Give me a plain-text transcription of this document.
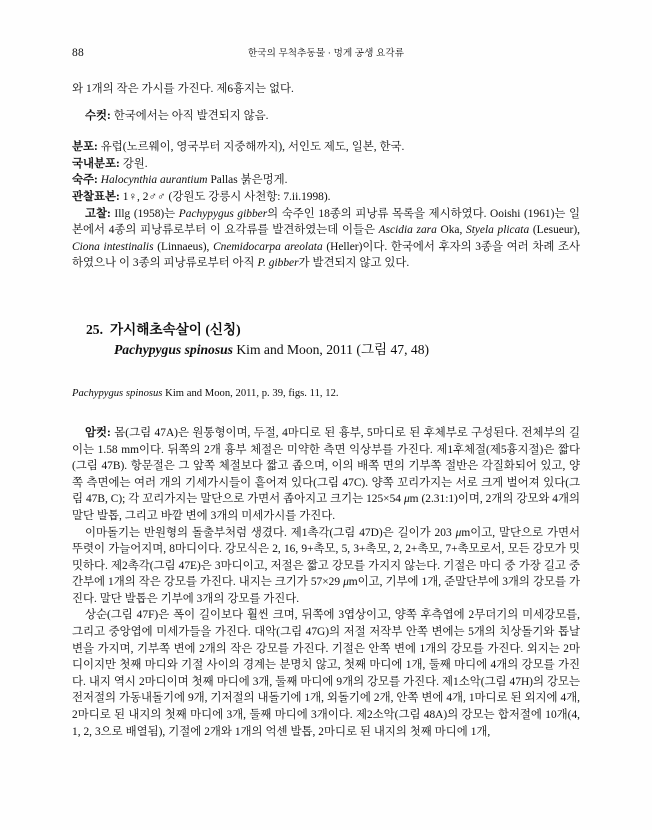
88	한국의 무척추동물 · 멍게 공생 요각류

와 1개의 작은 가시를 가진다. 제6흉지는 없다.

수컷: 한국에서는 아직 발견되지 않음.

분포: 유럽(노르웨이, 영국부터 지중해까지), 서인도 제도, 일본, 한국.

국내분포: 강원.

숙주: Halocynthia aurantium Pallas 붉은멍게.

관찰표본: 1♀, 2♂♂ (강원도 강릉시 사천항: 7.ii.1998).

고찰: Illg (1958)는 Pachypygus gibber의 숙주인 18종의 피낭류 목록을 제시하였다. Ooishi (1961)는 일본에서 4종의 피낭류로부터 이 요각류를 발견하였는데 이들은 Ascidia zara Oka, Styela plicata (Lesueur), Ciona intestinalis (Linnaeus), Cnemidocarpa areolata (Heller)이다. 한국에서 후자의 3종을 여러 차례 조사하였으나 이 3종의 피낭류로부터 아직 P. gibber가 발견되지 않고 있다.

25. 가시해초속살이 (신칭)
Pachypygus spinosus Kim and Moon, 2011 (그림 47, 48)

Pachypygus spinosus Kim and Moon, 2011, p. 39, figs. 11, 12.

암컷: 몸(그림 47A)은 원통형이며, 두절, 4마디로 된 흉부, 5마디로 된 후체부로 구성된다. 전체부의 길이는 1.58 mm이다. 뒤쪽의 2개 흉부 체절은 미약한 측면 익상부를 가진다. 제1후체절(제5흉지절)은 짧다(그림 47B). 항문절은 그 앞쪽 체절보다 짧고 좁으며, 이의 배쪽 면의 기부쪽 절반은 각질화되어 있고, 양쪽 측면에는 여러 개의 기세가시들이 흩어져 있다(그림 47C). 양쪽 꼬리가지는 서로 크게 벌어져 있다(그림 47B, C); 각 꼬리가지는 말단으로 가면서 좁아지고 크기는 125×54 μm (2.31:1)이며, 2개의 강모와 4개의 말단 발톱, 그리고 바깥 변에 3개의 미세가시를 가진다.

이마돌기는 반원형의 돌출부처럼 생겼다. 제1촉각(그림 47D)은 길이가 203 μm이고, 말단으로 가면서 뚜렷이 가늘어지며, 8마디이다. 강모식은 2, 16, 9+촉모, 5, 3+촉모, 2, 2+촉모, 7+촉모로서, 모든 강모가 밋밋하다. 제2촉각(그림 47E)은 3마디이고, 저절은 짧고 강모를 가지지 않는다. 기절은 마디 중 가장 길고 중간부에 1개의 작은 강모를 가진다. 내지는 크기가 57×29 μm이고, 기부에 1개, 준말단부에 3개의 강모를 가진다. 말단 발톱은 기부에 3개의 강모를 가진다.

상순(그림 47F)은 폭이 길이보다 훨씬 크며, 뒤쪽에 3엽상이고, 양쪽 후측엽에 2무더기의 미세강모를, 그리고 중앙엽에 미세가들을 가진다. 대악(그림 47G)의 저절 저작부 안쪽 변에는 5개의 치상돌기와 톱날변을 가지며, 기부쪽 변에 2개의 작은 강모를 가진다. 기절은 안쪽 변에 1개의 강모를 가진다. 외지는 2마디이지만 첫째 마디와 기절 사이의 경계는 분명치 않고, 첫째 마디에 1개, 둘째 마디에 4개의 강모를 가진다. 내지 역시 2마디이며 첫째 마디에 3개, 둘째 마디에 9개의 강모를 가진다. 제1소악(그림 47H)의 강모는 전저절의 가동내돌기에 9개, 기저절의 내돌기에 1개, 외돌기에 2개, 안쪽 변에 4개, 1마디로 된 외지에 4개, 2마디로 된 내지의 첫째 마디에 3개, 둘째 마디에 3개이다. 제2소악(그림 48A)의 강모는 합저절에 10개(4, 1, 2, 3으로 배열됨), 기절에 2개와 1개의 억센 발톱, 2마디로 된 내지의 첫째 마디에 1개,
